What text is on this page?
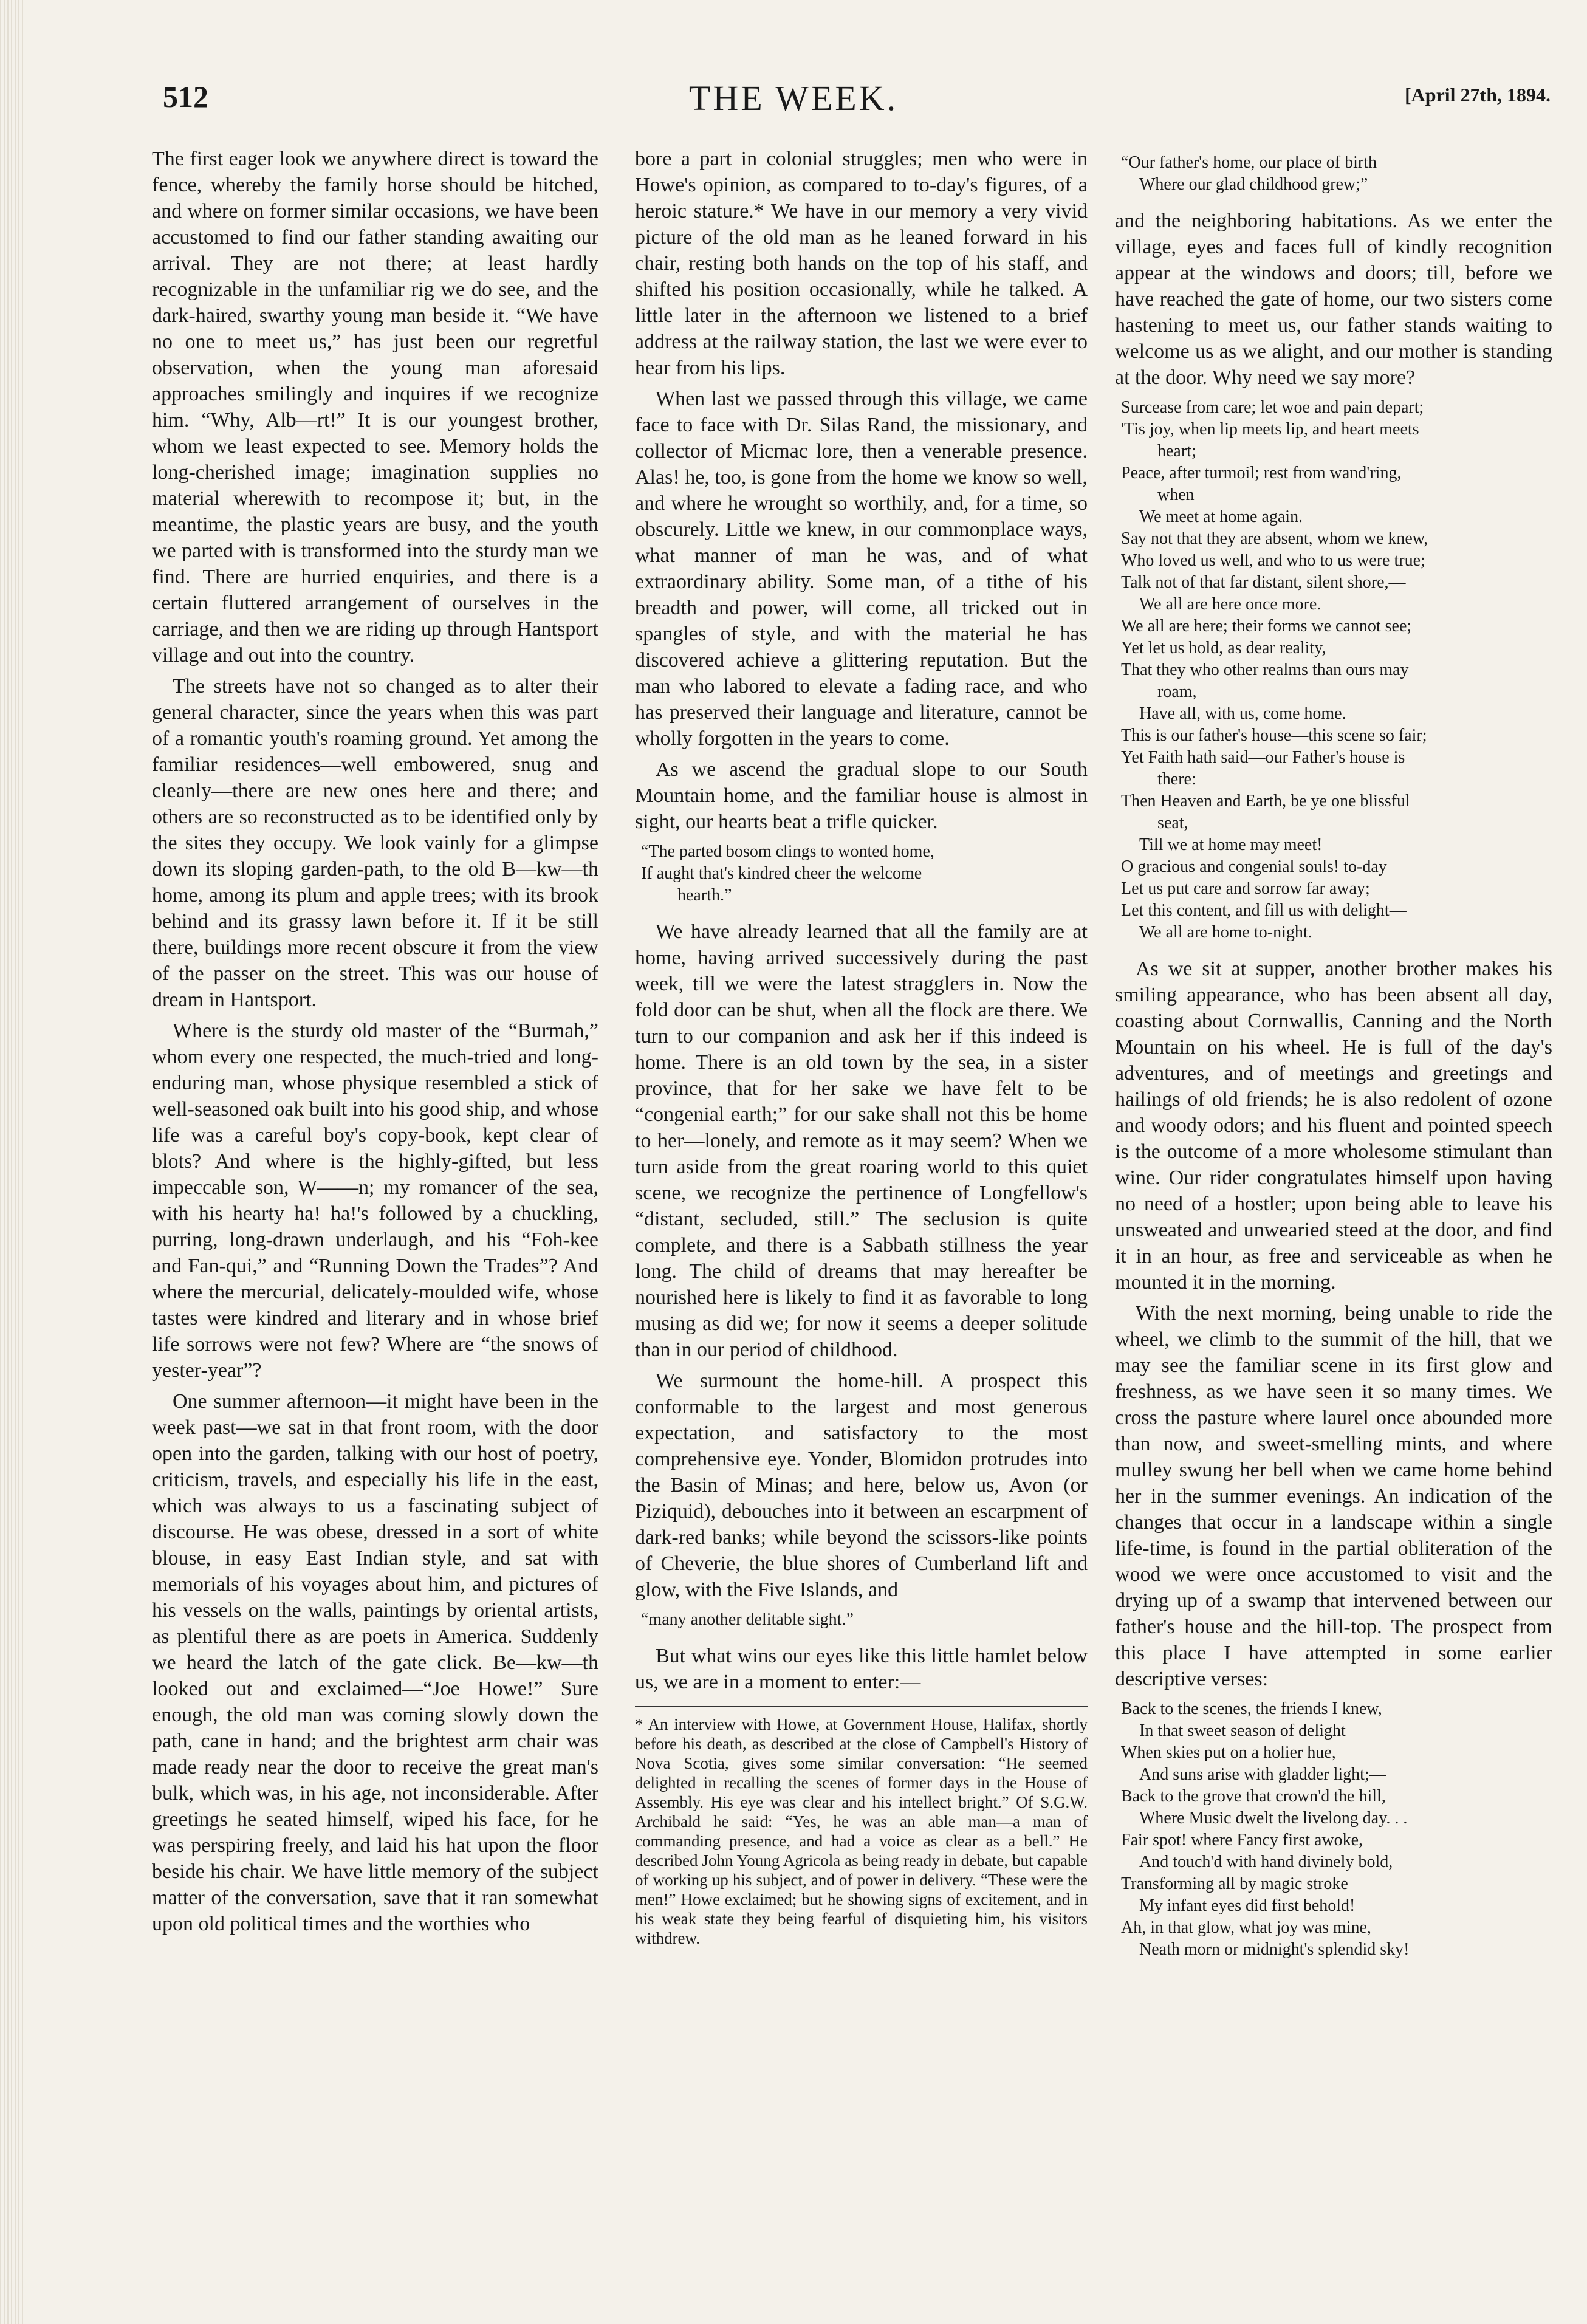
512	THE WEEK.	[April 27th, 1894.

The first eager look we anywhere direct is toward the fence, whereby the family horse should be hitched, and where on former similar occasions, we have been accustomed to find our father standing awaiting our arrival. They are not there; at least hardly recognizable in the unfamiliar rig we do see, and the dark-haired, swarthy young man beside it. “We have no one to meet us,” has just been our regretful observation, when the young man aforesaid approaches smilingly and inquires if we recognize him. “Why, Alb—rt!” It is our youngest brother, whom we least expected to see. Memory holds the long-cherished image; imagination supplies no material wherewith to recompose it; but, in the meantime, the plastic years are busy, and the youth we parted with is transformed into the sturdy man we find. There are hurried enquiries, and there is a certain fluttered arrangement of ourselves in the carriage, and then we are riding up through Hantsport village and out into the country.

The streets have not so changed as to alter their general character, since the years when this was part of a romantic youth's roaming ground. Yet among the familiar residences—well embowered, snug and cleanly—there are new ones here and there; and others are so reconstructed as to be identified only by the sites they occupy. We look vainly for a glimpse down its sloping garden-path, to the old B—kw—th home, among its plum and apple trees; with its brook behind and its grassy lawn before it. If it be still there, buildings more recent obscure it from the view of the passer on the street. This was our house of dream in Hantsport.

Where is the sturdy old master of the “Burmah,” whom every one respected, the much-tried and long-enduring man, whose physique resembled a stick of well-seasoned oak built into his good ship, and whose life was a careful boy's copy-book, kept clear of blots? And where is the highly-gifted, but less impeccable son, W——n; my romancer of the sea, with his hearty ha! ha!'s followed by a chuckling, purring, long-drawn underlaugh, and his “Foh-kee and Fan-qui,” and “Running Down the Trades”? And where the mercurial, delicately-moulded wife, whose tastes were kindred and literary and in whose brief life sorrows were not few? Where are “the snows of yester-year”?

One summer afternoon—it might have been in the week past—we sat in that front room, with the door open into the garden, talking with our host of poetry, criticism, travels, and especially his life in the east, which was always to us a fascinating subject of discourse. He was obese, dressed in a sort of white blouse, in easy East Indian style, and sat with memorials of his voyages about him, and pictures of his vessels on the walls, paintings by oriental artists, as plentiful there as are poets in America. Suddenly we heard the latch of the gate click. Be—kw—th looked out and exclaimed—“Joe Howe!” Sure enough, the old man was coming slowly down the path, cane in hand; and the brightest arm chair was made ready near the door to receive the great man's bulk, which was, in his age, not inconsiderable. After greetings he seated himself, wiped his face, for he was perspiring freely, and laid his hat upon the floor beside his chair. We have little memory of the subject matter of the conversation, save that it ran somewhat upon old political times and the worthies who

bore a part in colonial struggles; men who were in Howe's opinion, as compared to to-day's figures, of a heroic stature.* We have in our memory a very vivid picture of the old man as he leaned forward in his chair, resting both hands on the top of his staff, and shifted his position occasionally, while he talked. A little later in the afternoon we listened to a brief address at the railway station, the last we were ever to hear from his lips.

When last we passed through this village, we came face to face with Dr. Silas Rand, the missionary, and collector of Micmac lore, then a venerable presence. Alas! he, too, is gone from the home we know so well, and where he wrought so worthily, and, for a time, so obscurely. Little we knew, in our commonplace ways, what manner of man he was, and of what extraordinary ability. Some man, of a tithe of his breadth and power, will come, all tricked out in spangles of style, and with the material he has discovered achieve a glittering reputation. But the man who labored to elevate a fading race, and who has preserved their language and literature, cannot be wholly forgotten in the years to come.

As we ascend the gradual slope to our South Mountain home, and the familiar house is almost in sight, our hearts beat a trifle quicker.

“The parted bosom clings to wonted home,
If aught that's kindred cheer the welcome
hearth.”

We have already learned that all the family are at home, having arrived successively during the past week, till we were the latest stragglers in. Now the fold door can be shut, when all the flock are there. We turn to our companion and ask her if this indeed is home. There is an old town by the sea, in a sister province, that for her sake we have felt to be “congenial earth;” for our sake shall not this be home to her—lonely, and remote as it may seem? When we turn aside from the great roaring world to this quiet scene, we recognize the pertinence of Longfellow's “distant, secluded, still.” The seclusion is quite complete, and there is a Sabbath stillness the year long. The child of dreams that may hereafter be nourished here is likely to find it as favorable to long musing as did we; for now it seems a deeper solitude than in our period of childhood.

We surmount the home-hill. A prospect this conformable to the largest and most generous expectation, and satisfactory to the most comprehensive eye. Yonder, Blomidon protrudes into the Basin of Minas; and here, below us, Avon (or Piziquid), debouches into it between an escarpment of dark-red banks; while beyond the scissors-like points of Cheverie, the blue shores of Cumberland lift and glow, with the Five Islands, and

“many another delitable sight.”

But what wins our eyes like this little hamlet below us, we are in a moment to enter:—

* An interview with Howe, at Government House, Halifax, shortly before his death, as described at the close of Campbell's History of Nova Scotia, gives some similar conversation: “He seemed delighted in recalling the scenes of former days in the House of Assembly. His eye was clear and his intellect bright.” Of S.G.W. Archibald he said: “Yes, he was an able man—a man of commanding presence, and had a voice as clear as a bell.” He described John Young Agricola as being ready in debate, but capable of working up his subject, and of power in delivery. “These were the men!” Howe exclaimed; but he showing signs of excitement, and in his weak state they being fearful of disquieting him, his visitors withdrew.
“Our father's home, our place of birth
Where our glad childhood grew;”

and the neighboring habitations. As we enter the village, eyes and faces full of kindly recognition appear at the windows and doors; till, before we have reached the gate of home, our two sisters come hastening to meet us, our father stands waiting to welcome us as we alight, and our mother is standing at the door. Why need we say more?

Surcease from care; let woe and pain depart;
'Tis joy, when lip meets lip, and heart meets
heart;
Peace, after turmoil; rest from wand'ring,
when
We meet at home again.
Say not that they are absent, whom we knew,
Who loved us well, and who to us were true;
Talk not of that far distant, silent shore,—
We all are here once more.
We all are here; their forms we cannot see;
Yet let us hold, as dear reality,
That they who other realms than ours may
roam,
Have all, with us, come home.
This is our father's house—this scene so fair;
Yet Faith hath said—our Father's house is
there:
Then Heaven and Earth, be ye one blissful
seat,
Till we at home may meet!
O gracious and congenial souls! to-day
Let us put care and sorrow far away;
Let this content, and fill us with delight—
We all are home to-night.

As we sit at supper, another brother makes his smiling appearance, who has been absent all day, coasting about Cornwallis, Canning and the North Mountain on his wheel. He is full of the day's adventures, and of meetings and greetings and hailings of old friends; he is also redolent of ozone and woody odors; and his fluent and pointed speech is the outcome of a more wholesome stimulant than wine. Our rider congratulates himself upon having no need of a hostler; upon being able to leave his unsweated and unwearied steed at the door, and find it in an hour, as free and serviceable as when he mounted it in the morning.

With the next morning, being unable to ride the wheel, we climb to the summit of the hill, that we may see the familiar scene in its first glow and freshness, as we have seen it so many times. We cross the pasture where laurel once abounded more than now, and sweet-smelling mints, and where mulley swung her bell when we came home behind her in the summer evenings. An indication of the changes that occur in a landscape within a single life-time, is found in the partial obliteration of the wood we were once accustomed to visit and the drying up of a swamp that intervened between our father's house and the hill-top. The prospect from this place I have attempted in some earlier descriptive verses:

Back to the scenes, the friends I knew,
In that sweet season of delight
When skies put on a holier hue,
And suns arise with gladder light;—
Back to the grove that crown'd the hill,
Where Music dwelt the livelong day. . .
Fair spot! where Fancy first awoke,
And touch'd with hand divinely bold,
Transforming all by magic stroke
My infant eyes did first behold!
Ah, in that glow, what joy was mine,
Neath morn or midnight's splendid sky!
